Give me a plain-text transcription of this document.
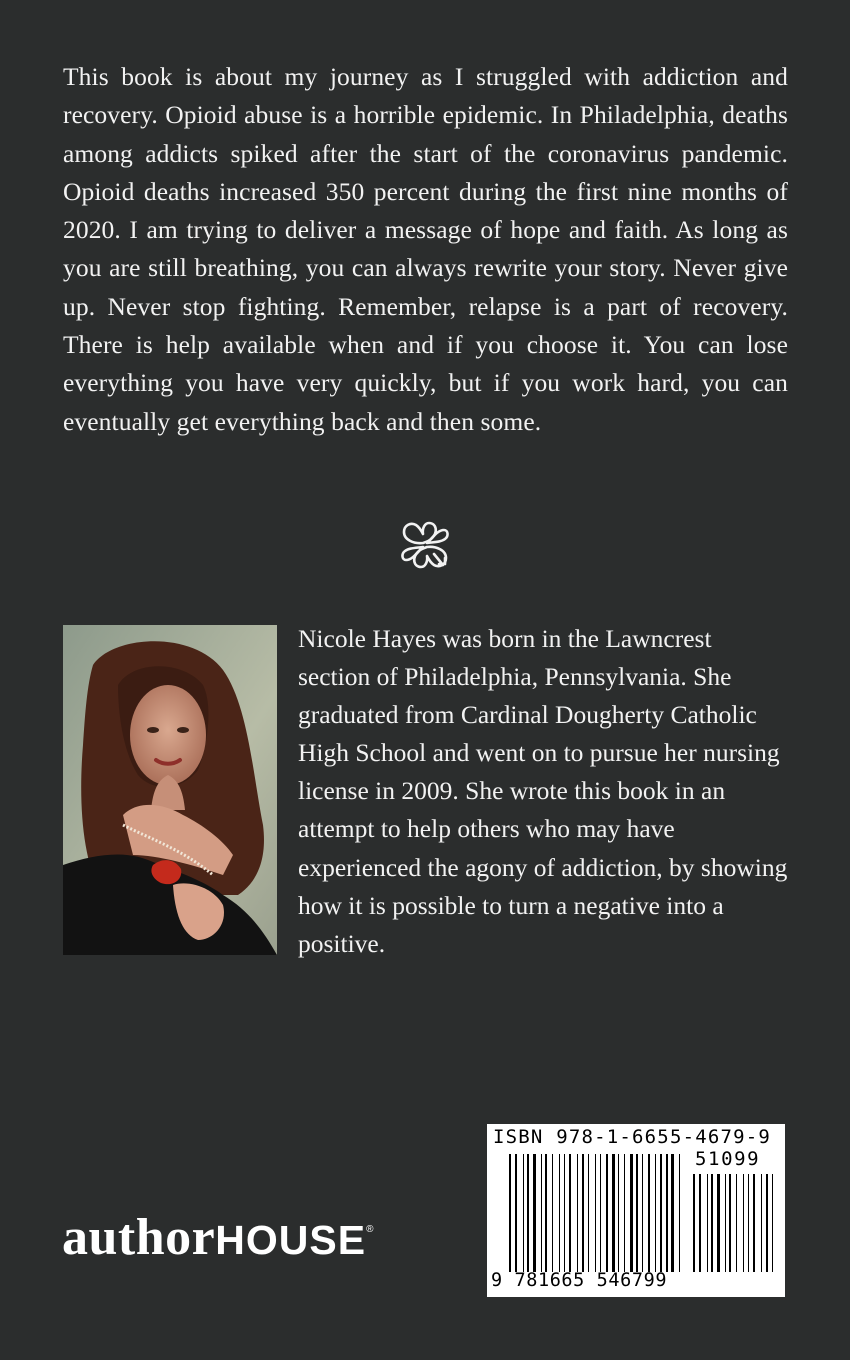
This book is about my journey as I struggled with addiction and recovery. Opioid abuse is a horrible epidemic. In Philadelphia, deaths among addicts spiked after the start of the coronavirus pandemic. Opioid deaths increased 350 percent during the first nine months of 2020. I am trying to deliver a message of hope and faith. As long as you are still breathing, you can always rewrite your story. Never give up. Never stop fighting. Remember, relapse is a part of recovery. There is help available when and if you choose it. You can lose everything you have very quickly, but if you work hard, you can eventually get everything back and then some.

Nicole Hayes was born in the Lawncrest section of Philadelphia, Pennsylvania. She graduated from Cardinal Dougherty Catholic High School and went on to pursue her nursing license in 2009. She wrote this book in an attempt to help others who may have experienced the agony of addiction, by showing how it is possible to turn a negative into a positive.

author HOUSE ®
ISBN 978-1-6655-4679-9
51099
9 781665 546799
